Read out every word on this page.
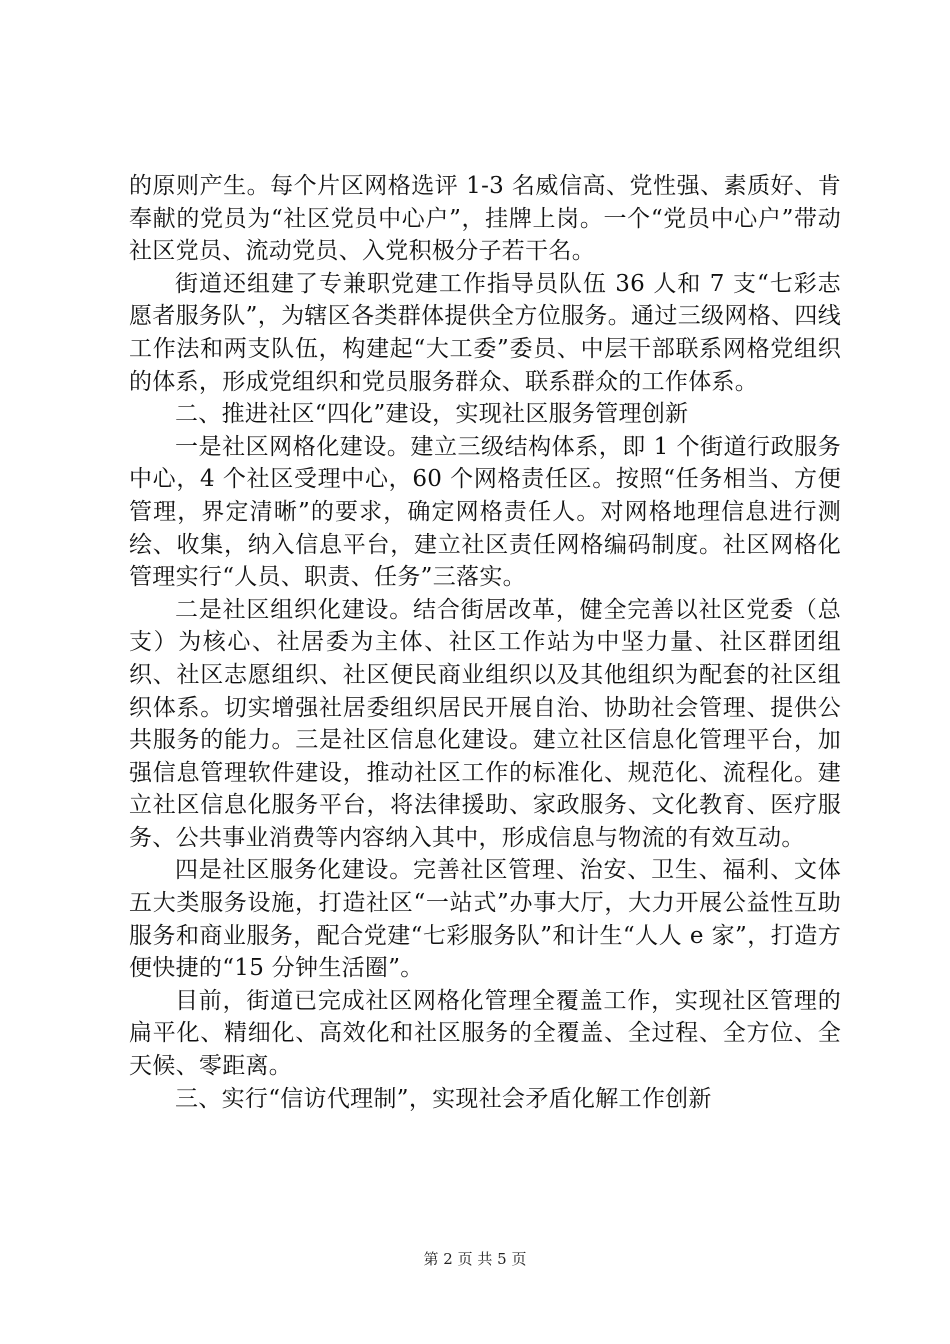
的原则产生。每个片区网格选评 1-3 名威信高、党性强、素质好、肯奉献的党员为“社区党员中心户”，挂牌上岗。一个“党员中心户”带动社区党员、流动党员、入党积极分子若干名。

街道还组建了专兼职党建工作指导员队伍 36 人和 7 支“七彩志愿者服务队”，为辖区各类群体提供全方位服务。通过三级网格、四线工作法和两支队伍，构建起“大工委”委员、中层干部联系网格党组织的体系，形成党组织和党员服务群众、联系群众的工作体系。

二、推进社区“四化”建设，实现社区服务管理创新

一是社区网格化建设。建立三级结构体系，即 1 个街道行政服务中心，4 个社区受理中心，60 个网格责任区。按照“任务相当、方便管理，界定清晰”的要求，确定网格责任人。对网格地理信息进行测绘、收集，纳入信息平台，建立社区责任网格编码制度。社区网格化管理实行“人员、职责、任务”三落实。

二是社区组织化建设。结合街居改革，健全完善以社区党委（总支）为核心、社居委为主体、社区工作站为中坚力量、社区群团组织、社区志愿组织、社区便民商业组织以及其他组织为配套的社区组织体系。切实增强社居委组织居民开展自治、协助社会管理、提供公共服务的能力。三是社区信息化建设。建立社区信息化管理平台，加强信息管理软件建设，推动社区工作的标准化、规范化、流程化。建立社区信息化服务平台，将法律援助、家政服务、文化教育、医疗服务、公共事业消费等内容纳入其中，形成信息与物流的有效互动。

四是社区服务化建设。完善社区管理、治安、卫生、福利、文体五大类服务设施，打造社区“一站式”办事大厅，大力开展公益性互助服务和商业服务，配合党建“七彩服务队”和计生“人人 e 家”，打造方便快捷的“15 分钟生活圈”。

目前，街道已完成社区网格化管理全覆盖工作，实现社区管理的扁平化、精细化、高效化和社区服务的全覆盖、全过程、全方位、全天候、零距离。

三、实行“信访代理制”，实现社会矛盾化解工作创新

第 2 页 共 5 页
